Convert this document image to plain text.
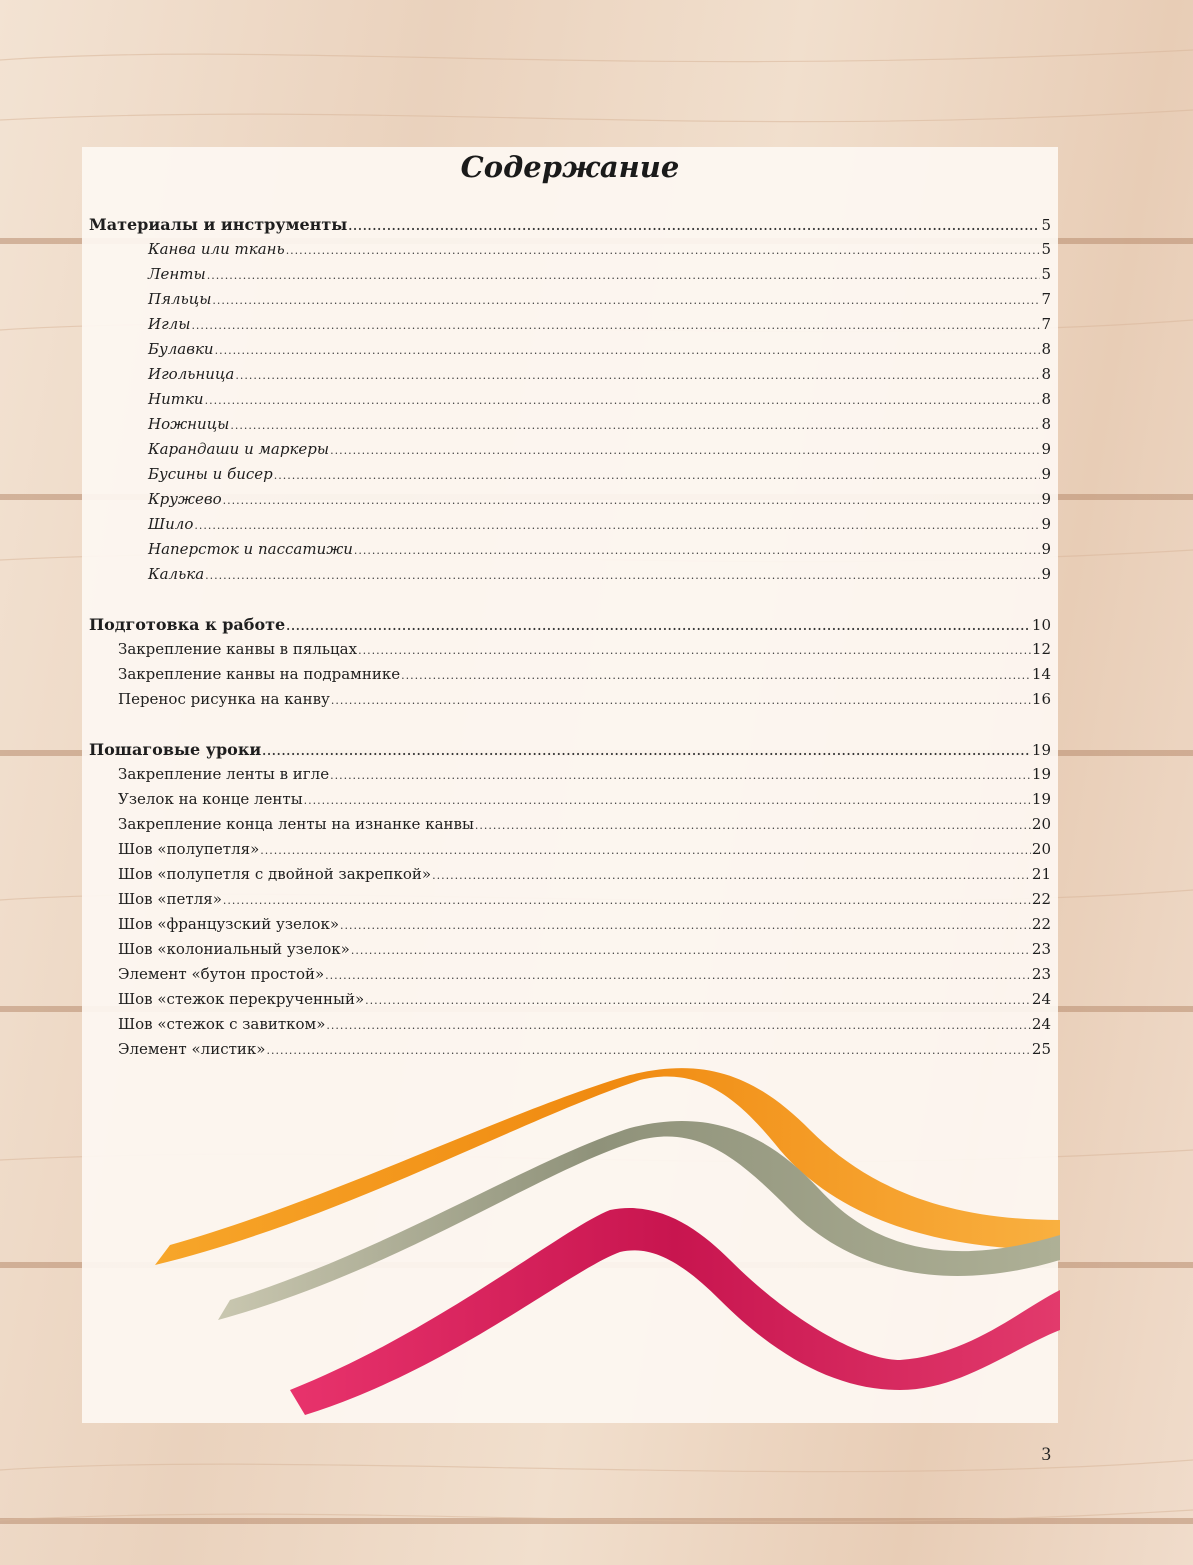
Содержание
Материалы и инструменты .....	5
Канва или ткань .....	5
Ленты .....	5
Пяльцы .....	7
Иглы .....	7
Булавки .....	8
Игольница .....	8
Нитки .....	8
Ножницы .....	8
Карандаши и маркеры .....	9
Бусины и бисер .....	9
Кружево .....	9
Шило .....	9
Наперсток и пассатижи .....	9
Калька .....	9
Подготовка к работе .....	10
Закрепление канвы в пяльцах .....	12
Закрепление канвы на подрамнике .....	14
Перенос рисунка на канву .....	16
Пошаговые уроки .....	19
Закрепление ленты в игле .....	19
Узелок на конце ленты .....	19
Закрепление конца ленты на изнанке канвы .....	20
Шов «полупетля» .....	20
Шов «полупетля с двойной закрепкой» .....	21
Шов «петля» .....	22
Шов «французский узелок» .....	22
Шов «колониальный узелок» .....	23
Элемент «бутон простой» .....	23
Шов «стежок перекрученный» .....	24
Шов «стежок с завитком» .....	24
Элемент «листик» .....	25
3
